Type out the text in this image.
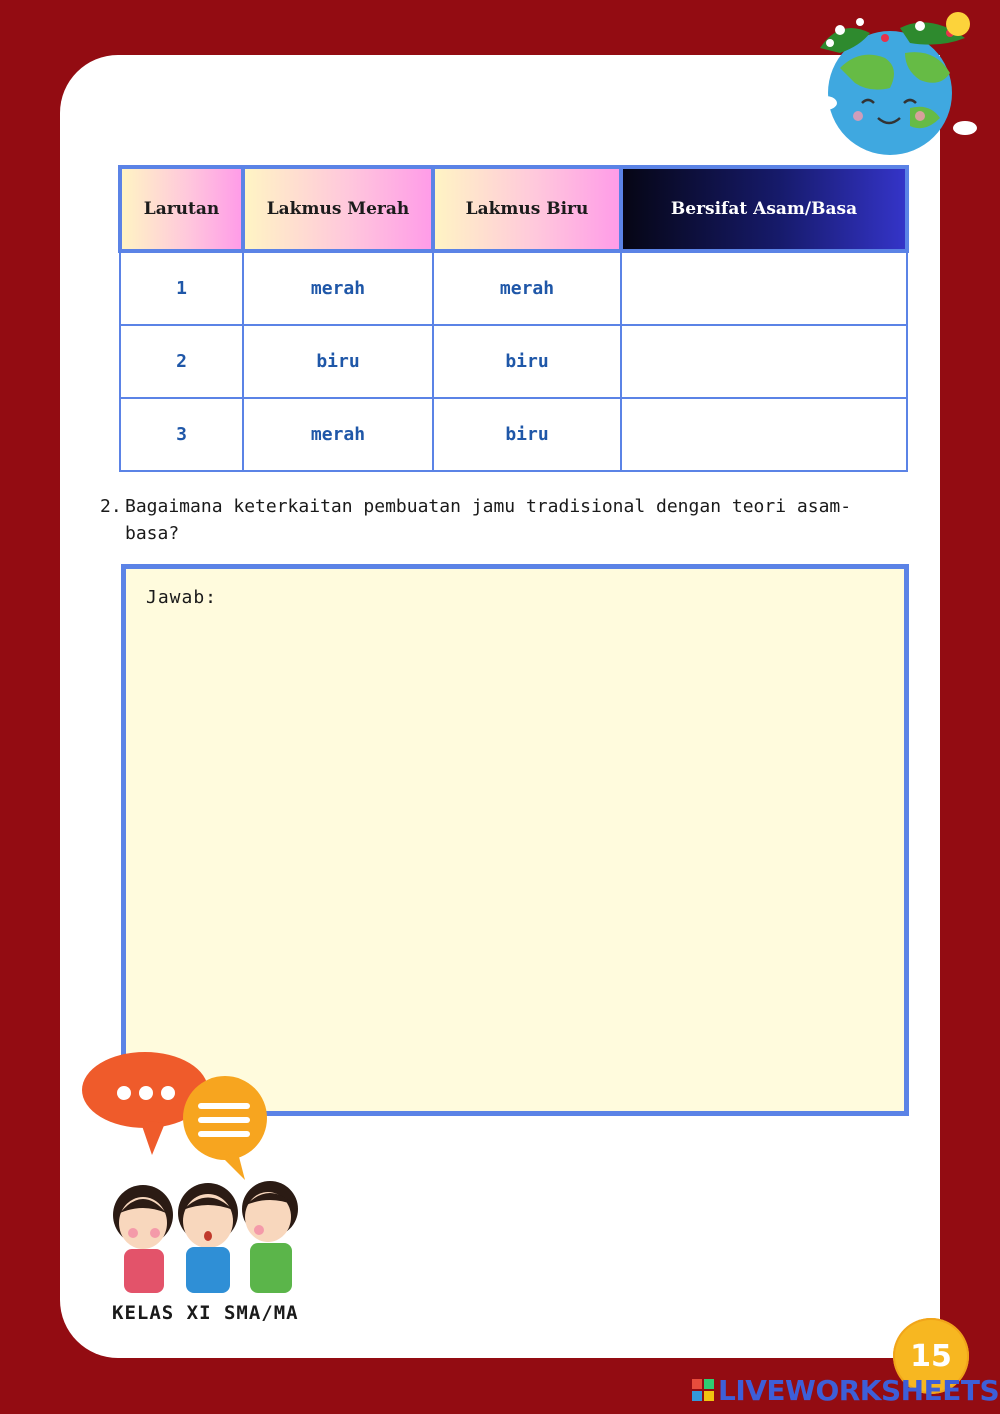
Larutan	Lakmus Merah	Lakmus Biru	Bersifat Asam/Basa
1	merah	merah	
2	biru	biru	
3	merah	biru	
2. Bagaimana keterkaitan pembuatan jamu tradisional dengan teori asam-
basa?
Jawab:
KELAS XI SMA/MA
15
LIVEWORKSHEETS
